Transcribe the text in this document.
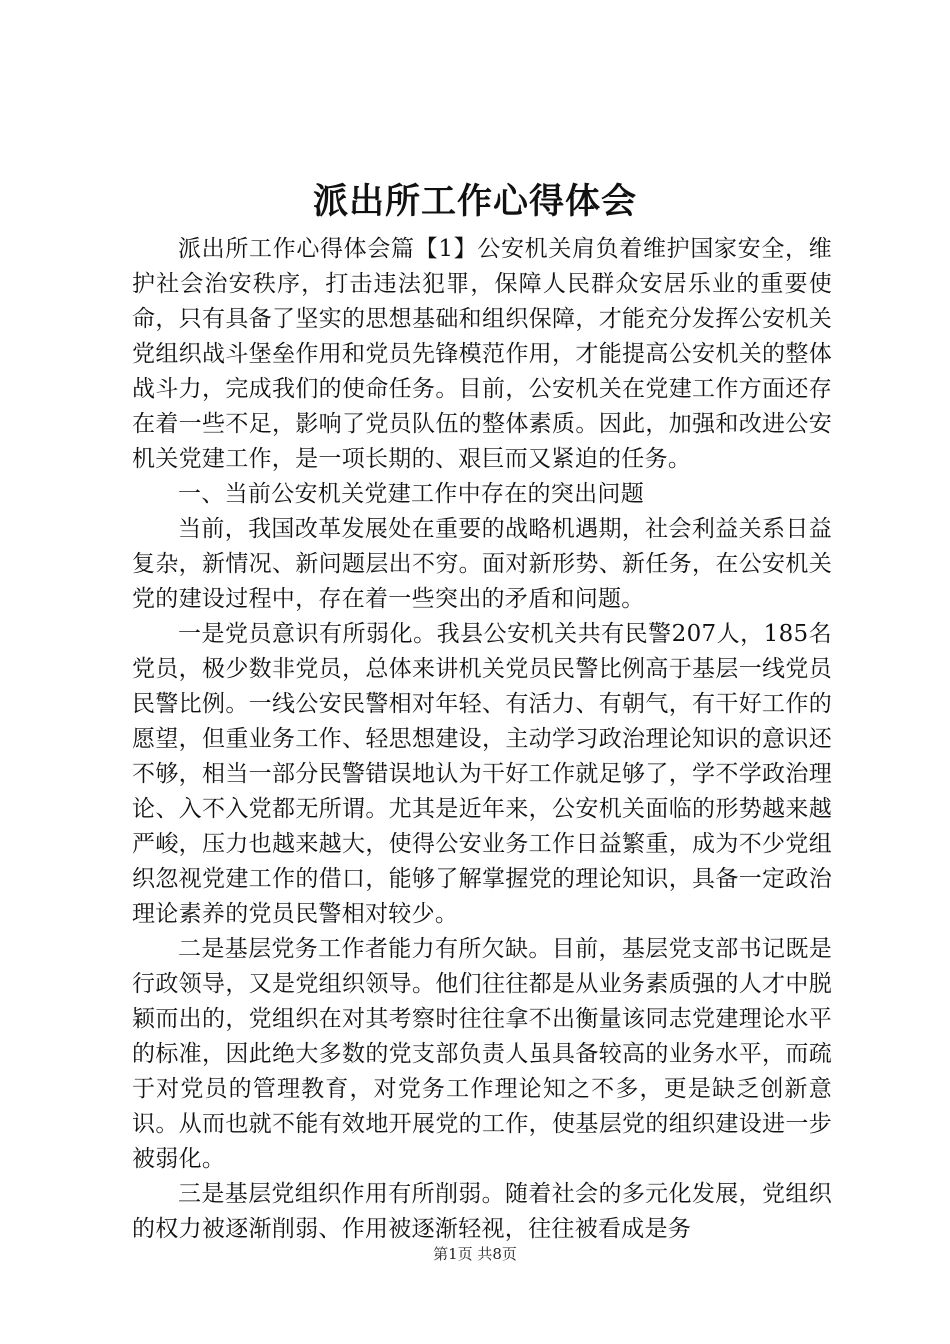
派出所工作心得体会

派出所工作心得体会篇【1】公安机关肩负着维护国家安全，维护社会治安秩序，打击违法犯罪，保障人民群众安居乐业的重要使命，只有具备了坚实的思想基础和组织保障，才能充分发挥公安机关党组织战斗堡垒作用和党员先锋模范作用，才能提高公安机关的整体战斗力，完成我们的使命任务。目前，公安机关在党建工作方面还存在着一些不足，影响了党员队伍的整体素质。因此，加强和改进公安机关党建工作，是一项长期的、艰巨而又紧迫的任务。

一、当前公安机关党建工作中存在的突出问题

当前，我国改革发展处在重要的战略机遇期，社会利益关系日益复杂，新情况、新问题层出不穷。面对新形势、新任务，在公安机关党的建设过程中，存在着一些突出的矛盾和问题。

一是党员意识有所弱化。我县公安机关共有民警207人，185名党员，极少数非党员，总体来讲机关党员民警比例高于基层一线党员民警比例。一线公安民警相对年轻、有活力、有朝气，有干好工作的愿望，但重业务工作、轻思想建设，主动学习政治理论知识的意识还不够，相当一部分民警错误地认为干好工作就足够了，学不学政治理论、入不入党都无所谓。尤其是近年来，公安机关面临的形势越来越严峻，压力也越来越大，使得公安业务工作日益繁重，成为不少党组织忽视党建工作的借口，能够了解掌握党的理论知识，具备一定政治理论素养的党员民警相对较少。

二是基层党务工作者能力有所欠缺。目前，基层党支部书记既是行政领导，又是党组织领导。他们往往都是从业务素质强的人才中脱颖而出的，党组织在对其考察时往往拿不出衡量该同志党建理论水平的标准，因此绝大多数的党支部负责人虽具备较高的业务水平，而疏于对党员的管理教育，对党务工作理论知之不多，更是缺乏创新意识。从而也就不能有效地开展党的工作，使基层党的组织建设进一步被弱化。

三是基层党组织作用有所削弱。随着社会的多元化发展，党组织的权力被逐渐削弱、作用被逐渐轻视，往往被看成是务

第1页 共8页
